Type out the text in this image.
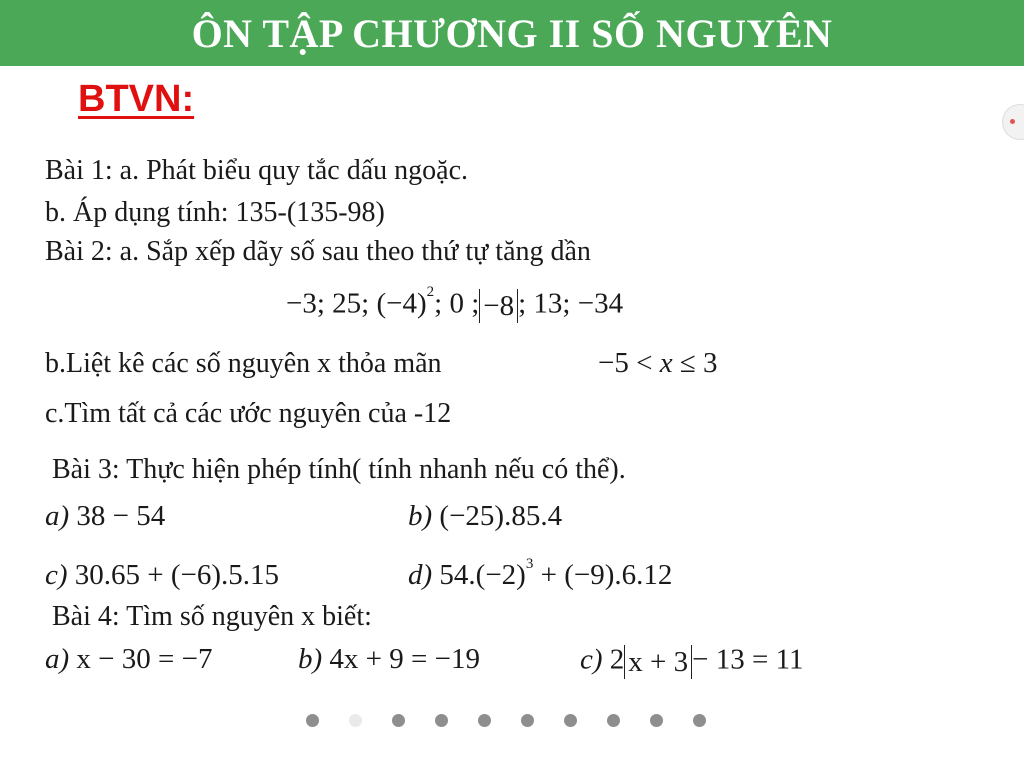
ÔN TẬP CHƯƠNG II SỐ NGUYÊN
BTVN:
Bài 1: a. Phát biểu quy tắc dấu ngoặc.
b. Áp dụng tính: 135-(135-98)
Bài 2: a. Sắp xếp dãy số sau theo thứ tự tăng dần
−3; 25; $(-4)^2$; 0 ; −8 ; 13; −34
b.Liệt kê các số nguyên x thỏa mãn	−5 < x ≤ 3
c.Tìm tất cả các ước nguyên của -12
Bài 3: Thực hiện phép tính( tính nhanh nếu có thể).
a) 38 − 54	b) (−25).85.4
c) 30.65 + (−6).5.15	d) $54.(-2)^3 + (-9).6.12$
Bài 4: Tìm số nguyên x biết:
a) x − 30 = −7	b) 4x + 9 = −19	c) 2 x + 3 − 13 = 11
